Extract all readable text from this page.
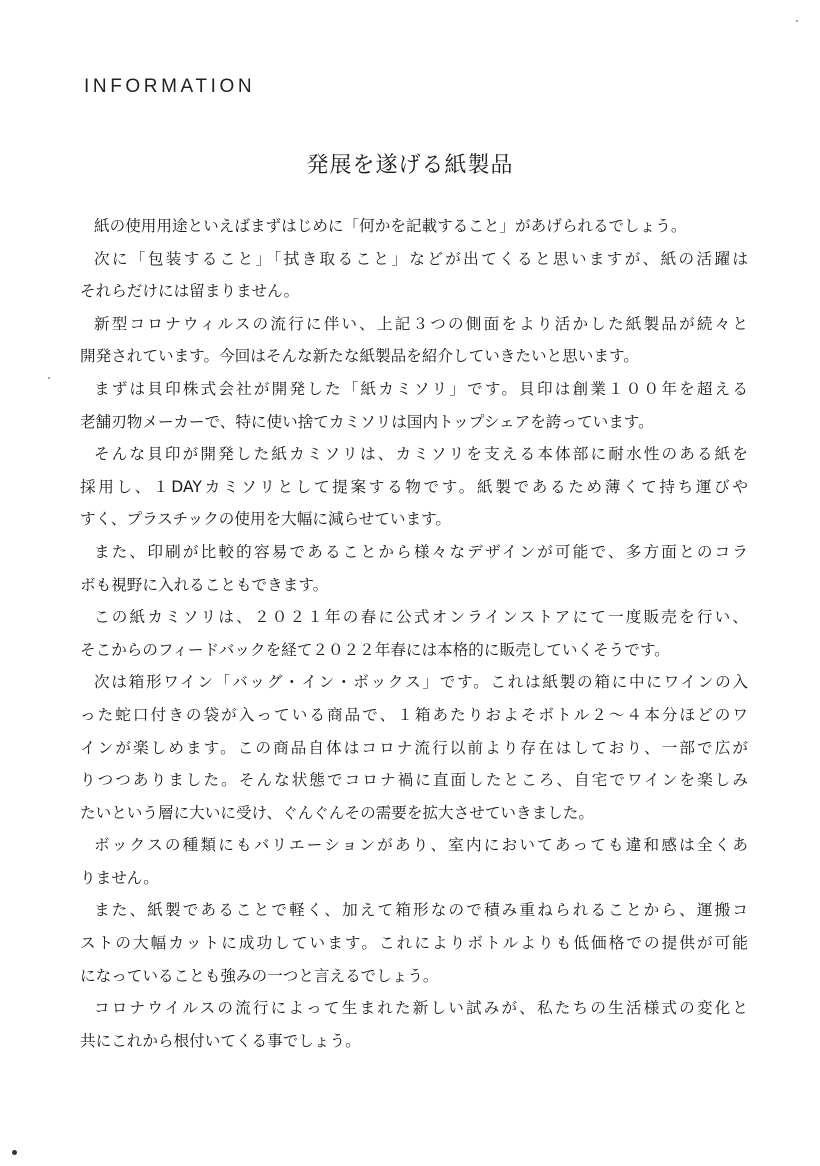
INFORMATION
発展を遂げる紙製品
紙の使用用途といえばまずはじめに「何かを記載すること」があげられるでしょう。
次に「包装すること」「拭き取ること」などが出てくると思いますが、紙の活躍は
それらだけには留まりません。
新型コロナウィルスの流行に伴い、上記３つの側面をより活かした紙製品が続々と
開発されています。今回はそんな新たな紙製品を紹介していきたいと思います。
まずは貝印株式会社が開発した「紙カミソリ」です。貝印は創業１００年を超える
老舗刃物メーカーで、特に使い捨てカミソリは国内トップシェアを誇っています。
そんな貝印が開発した紙カミソリは、カミソリを支える本体部に耐水性のある紙を
採用し、１DAYカミソリとして提案する物です。紙製であるため薄くて持ち運びや
すく、プラスチックの使用を大幅に減らせています。
また、印刷が比較的容易であることから様々なデザインが可能で、多方面とのコラ
ボも視野に入れることもできます。
この紙カミソリは、２０２１年の春に公式オンラインストアにて一度販売を行い、
そこからのフィードバックを経て２０２２年春には本格的に販売していくそうです。
次は箱形ワイン「バッグ・イン・ボックス」です。これは紙製の箱に中にワインの入
った蛇口付きの袋が入っている商品で、１箱あたりおよそボトル２～４本分ほどのワ
インが楽しめます。この商品自体はコロナ流行以前より存在はしており、一部で広が
りつつありました。そんな状態でコロナ禍に直面したところ、自宅でワインを楽しみ
たいという層に大いに受け、ぐんぐんその需要を拡大させていきました。
ボックスの種類にもバリエーションがあり、室内においてあっても違和感は全くあ
りません。
また、紙製であることで軽く、加えて箱形なので積み重ねられることから、運搬コ
ストの大幅カットに成功しています。これによりボトルよりも低価格での提供が可能
になっていることも強みの一つと言えるでしょう。
コロナウイルスの流行によって生まれた新しい試みが、私たちの生活様式の変化と
共にこれから根付いてくる事でしょう。
